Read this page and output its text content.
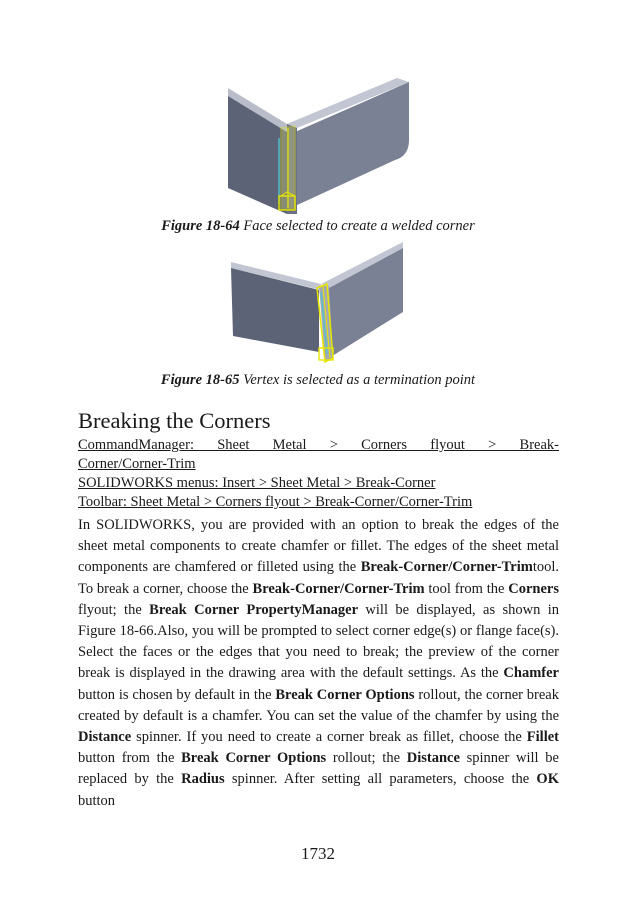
Figure 18-64 Face selected to create a welded corner
Figure 18-65 Vertex is selected as a termination point
Breaking the Corners
CommandManager: Sheet Metal > Corners flyout > Break-
Corner/Corner-Trim
SOLIDWORKS menus: Insert > Sheet Metal > Break-Corner
Toolbar: Sheet Metal > Corners flyout > Break-Corner/Corner-Trim
In SOLIDWORKS, you are provided with an option to break the edges of the sheet metal components to create chamfer or fillet. The edges of the sheet metal components are chamfered or filleted using the Break-Corner/Corner-Trimtool. To break a corner, choose the Break-Corner/Corner-Trim tool from the Corners flyout; the Break Corner PropertyManager will be displayed, as shown in Figure 18-66.Also, you will be prompted to select corner edge(s) or flange face(s). Select the faces or the edges that you need to break; the preview of the corner break is displayed in the drawing area with the default settings. As the Chamfer button is chosen by default in the Break Corner Options rollout, the corner break created by default is a chamfer. You can set the value of the chamfer by using the Distance spinner. If you need to create a corner break as fillet, choose the Fillet button from the Break Corner Options rollout; the Distance spinner will be replaced by the Radius spinner. After setting all parameters, choose the OK button
1732
